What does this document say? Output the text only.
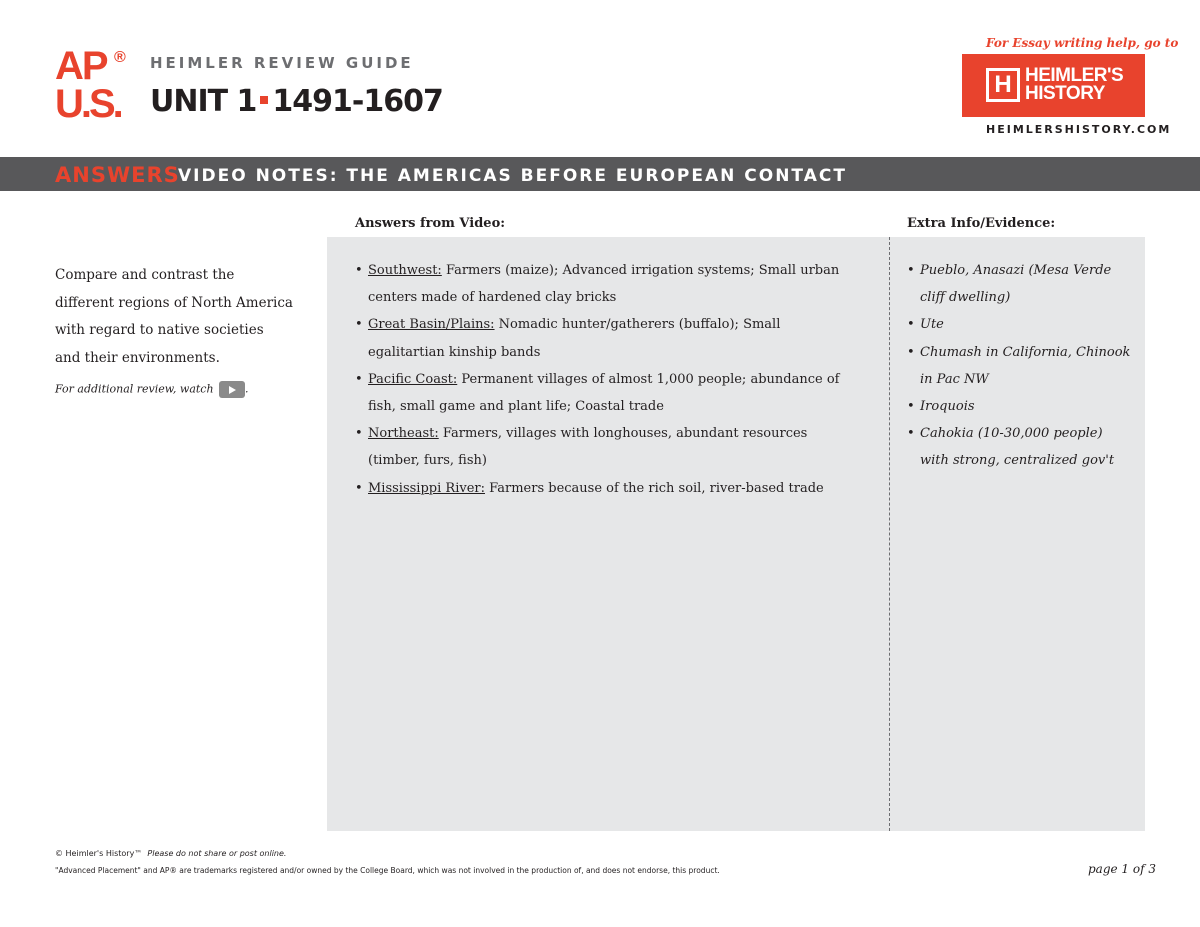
AP ®
U.S.
HEIMLER REVIEW GUIDE
UNIT 1 1491-1607
For Essay writing help, go to
H HEIMLER'S
HISTORY
HEIMLERSHISTORY.COM
ANSWERS
VIDEO NOTES: THE AMERICAS BEFORE EUROPEAN CONTACT
Answers from Video:	Extra Info/Evidence:
Compare and contrast the
different regions of North America
with regard to native societies
and their environments.
For additional review, watch	.
• Southwest: Farmers (maize); Advanced irrigation systems; Small urban centers made of hardened clay bricks
• Great Basin/Plains: Nomadic hunter/gatherers (buffalo); Small egalitartian kinship bands
• Pacific Coast: Permanent villages of almost 1,000 people; abundance of fish, small game and plant life; Coastal trade
• Northeast: Farmers, villages with longhouses, abundant resources (timber, furs, fish)
• Mississippi River: Farmers because of the rich soil, river-based trade
• Pueblo, Anasazi (Mesa Verde cliff dwelling)
• Ute
• Chumash in California, Chinook in Pac NW
• Iroquois
• Cahokia (10-30,000 people) with strong, centralized gov't
© Heimler's History™ Please do not share or post online.
"Advanced Placement" and AP® are trademarks registered and/or owned by the College Board, which was not involved in the production of, and does not endorse, this product.	page 1 of 3
